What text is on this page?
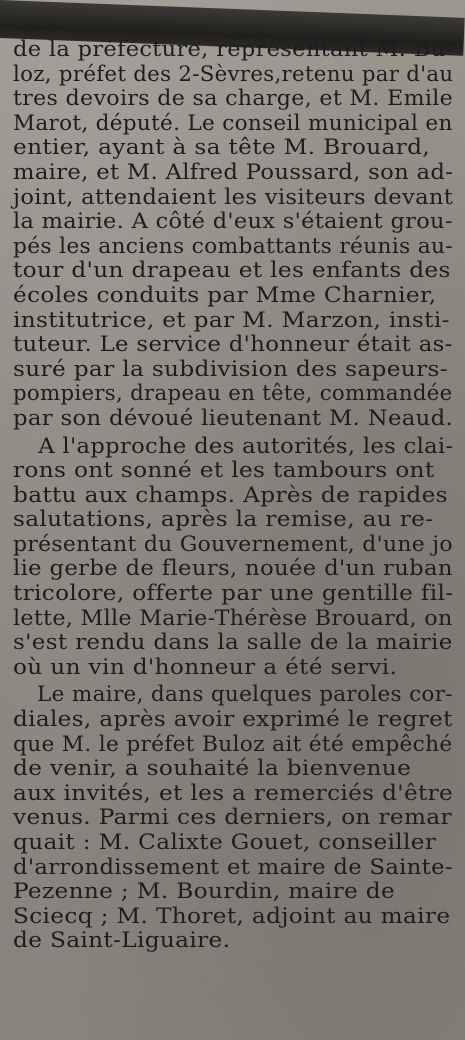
de la préfecture, représentant M. Bu-
loz, préfet des 2-Sèvres,retenu par d'au
tres devoirs de sa charge, et M. Emile
Marot, député. Le conseil municipal en
entier, ayant à sa tête M. Brouard,
maire, et M. Alfred Poussard, son ad-
joint, attendaient les visiteurs devant
la mairie. A côté d'eux s'étaient grou-
pés les anciens combattants réunis au-
tour d'un drapeau et les enfants des
écoles conduits par Mme Charnier,
institutrice, et par M. Marzon, insti-
tuteur. Le service d'honneur était as-
suré par la subdivision des sapeurs-
pompiers, drapeau en tête, commandée
par son dévoué lieutenant M. Neaud.
A l'approche des autorités, les clai-
rons ont sonné et les tambours ont
battu aux champs. Après de rapides
salutations, après la remise, au re-
présentant du Gouvernement, d'une jo
lie gerbe de fleurs, nouée d'un ruban
tricolore, offerte par une gentille fil-
lette, Mlle Marie-Thérèse Brouard, on
s'est rendu dans la salle de la mairie
où un vin d'honneur a été servi.
Le maire, dans quelques paroles cor-
diales, après avoir exprimé le regret
que M. le préfet Buloz ait été empêché
de venir, a souhaité la bienvenue
aux invités, et les a remerciés d'être
venus. Parmi ces derniers, on remar
quait : M. Calixte Gouet, conseiller
d'arrondissement et maire de Sainte-
Pezenne ; M. Bourdin, maire de
Sciecq ; M. Thoret, adjoint au maire
de Saint-Liguaire.
